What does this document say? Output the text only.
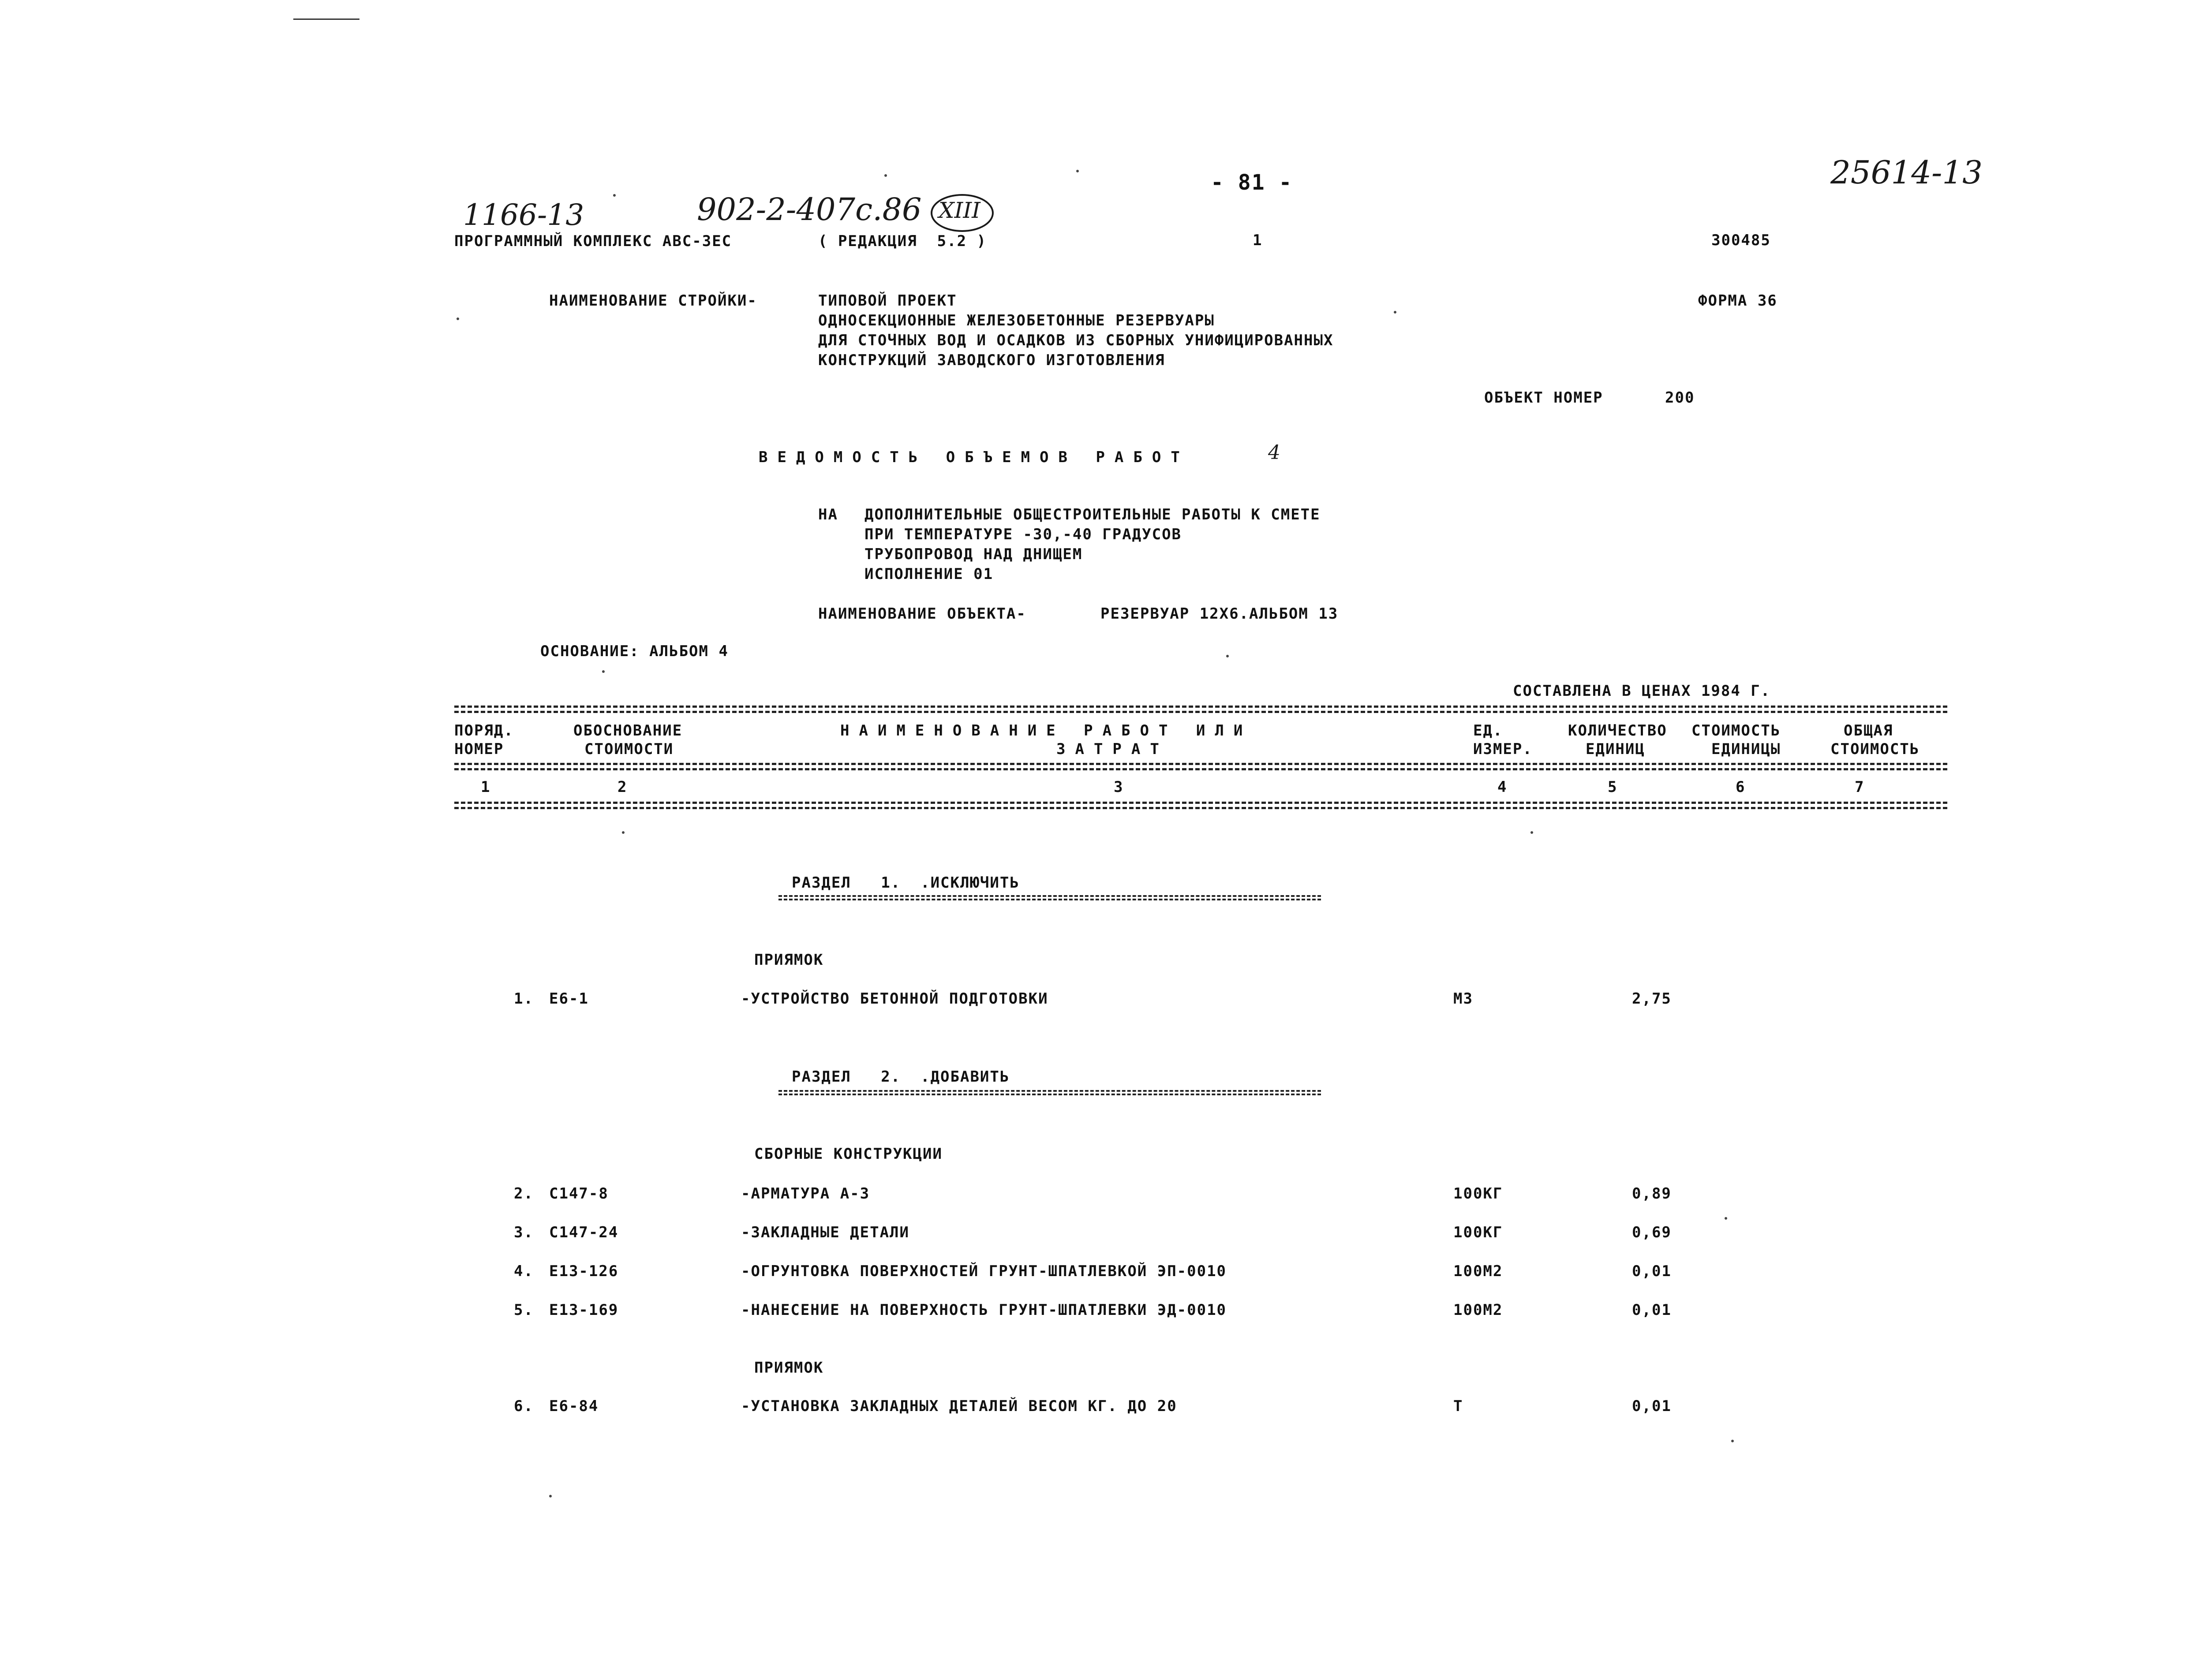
25614-13
1166-13	902-2-407с.86 XIII
- 81 -
ПРОГРАММНЫЙ КОМПЛЕКС АВС-ЗЕС	( РЕДАКЦИЯ  5.2 )	1	300485
НАИМЕНОВАНИЕ СТРОЙКИ-	ТИПОВОЙ ПРОЕКТ
ОДНОСЕКЦИОННЫЕ ЖЕЛЕЗОБЕТОННЫЕ РЕЗЕРВУАРЫ
ДЛЯ СТОЧНЫХ ВОД И ОСАДКОВ ИЗ СБОРНЫХ УНИФИЦИРОВАННЫХ
КОНСТРУКЦИЙ ЗАВОДСКОГО ИЗГОТОВЛЕНИЯ
ФОРМА 36
ОБЪЕКТ НОМЕР	200
ВЕДОМОСТЬ ОБЪЕМОВ РАБОТ	4
НА ДОПОЛНИТЕЛЬНЫЕ ОБЩЕСТРОИТЕЛЬНЫЕ РАБОТЫ К СМЕТЕ
ПРИ ТЕМПЕРАТУРЕ -30,-40 ГРАДУСОВ
ТРУБОПРОВОД НАД ДНИЩЕМ
ИСПОЛНЕНИЕ 01
НАИМЕНОВАНИЕ ОБЪЕКТА-	РЕЗЕРВУАР 12Х6.АЛЬБОМ 13
ОСНОВАНИЕ: АЛЬБОМ 4
СОСТАВЛЕНА В ЦЕНАХ 1984 Г.
ПОРЯД.	ОБОСНОВАНИЕ	НАИМЕНОВАНИЕ РАБОТ ИЛИ	ЕД.	КОЛИЧЕСТВО СТОИМОСТЬ	ОБЩАЯ
НОМЕР	СТОИМОСТИ	ЗАТРАТ	ИЗМЕР.	ЕДИНИЦ	ЕДИНИЦЫ	СТОИМОСТЬ
1	2	3	4	5	6	7
РАЗДЕЛ   1.  .ИСКЛЮЧИТЬ
ПРИЯМОК
1. Е6-1	-УСТРОЙСТВО БЕТОННОЙ ПОДГОТОВКИ	М3	2,75
РАЗДЕЛ   2.  .ДОБАВИТЬ
СБОРНЫЕ КОНСТРУКЦИИ
2. С147-8	-АРМАТУРА А-3	100КГ	0,89
3. С147-24	-ЗАКЛАДНЫЕ ДЕТАЛИ	100КГ	0,69
4. Е13-126	-ОГРУНТОВКА ПОВЕРХНОСТЕЙ ГРУНТ-ШПАТЛЕВКОЙ ЭП-0010	100М2	0,01
5. Е13-169	-НАНЕСЕНИЕ НА ПОВЕРХНОСТЬ ГРУНТ-ШПАТЛЕВКИ ЭД-0010	100М2	0,01
ПРИЯМОК
6. Е6-84	-УСТАНОВКА ЗАКЛАДНЫХ ДЕТАЛЕЙ ВЕСОМ КГ. ДО 20	Т	0,01
